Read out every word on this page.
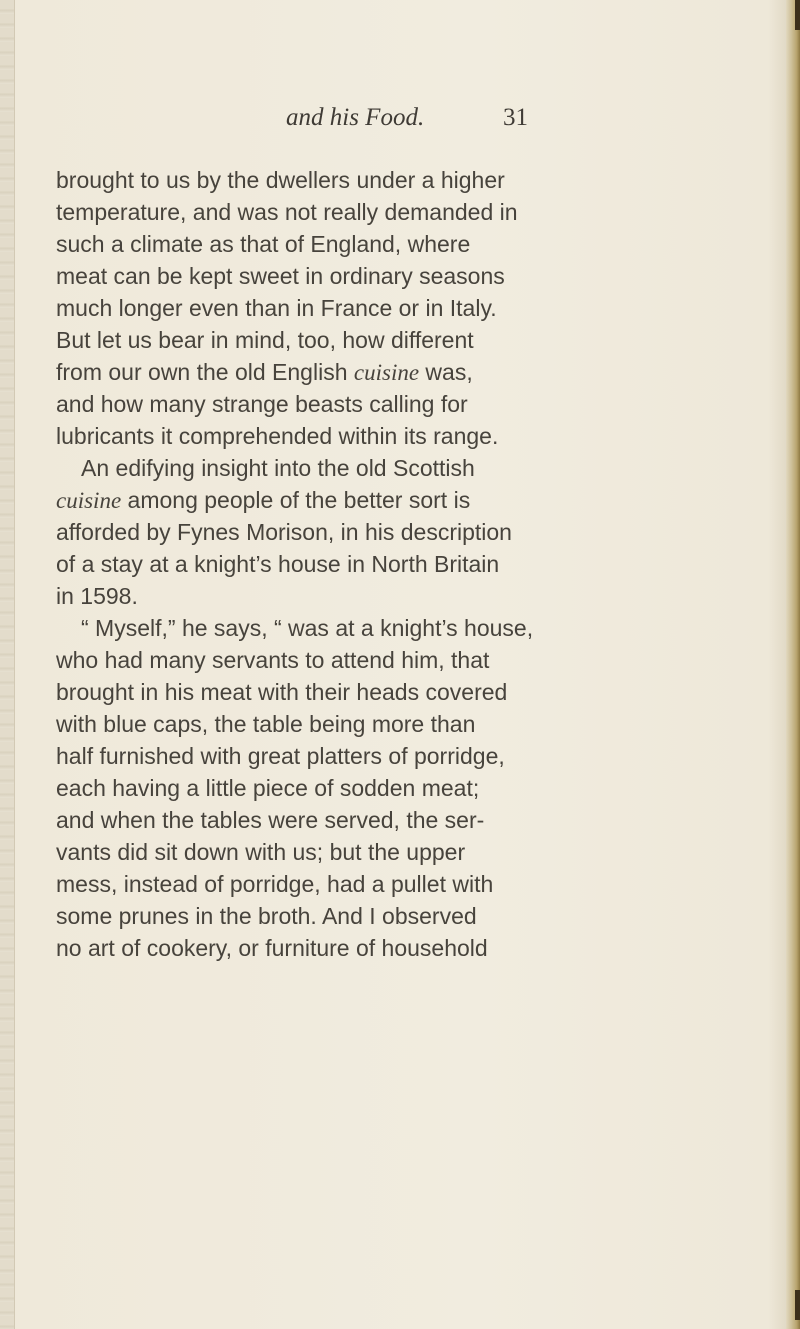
and his Food.	31
brought to us by the dwellers under a higher
temperature, and was not really demanded in
such a climate as that of England, where
meat can be kept sweet in ordinary seasons
much longer even than in France or in Italy.
But let us bear in mind, too, how different
from our own the old English cuisine was,
and how many strange beasts calling for
lubricants it comprehended within its range.
An edifying insight into the old Scottish
cuisine among people of the better sort is
afforded by Fynes Morison, in his description
of a stay at a knight’s house in North Britain
in 1598.
“ Myself,” he says, “ was at a knight’s house,
who had many servants to attend him, that
brought in his meat with their heads covered
with blue caps, the table being more than
half furnished with great platters of porridge,
each having a little piece of sodden meat;
and when the tables were served, the ser-
vants did sit down with us; but the upper
mess, instead of porridge, had a pullet with
some prunes in the broth. And I observed
no art of cookery, or furniture of household
